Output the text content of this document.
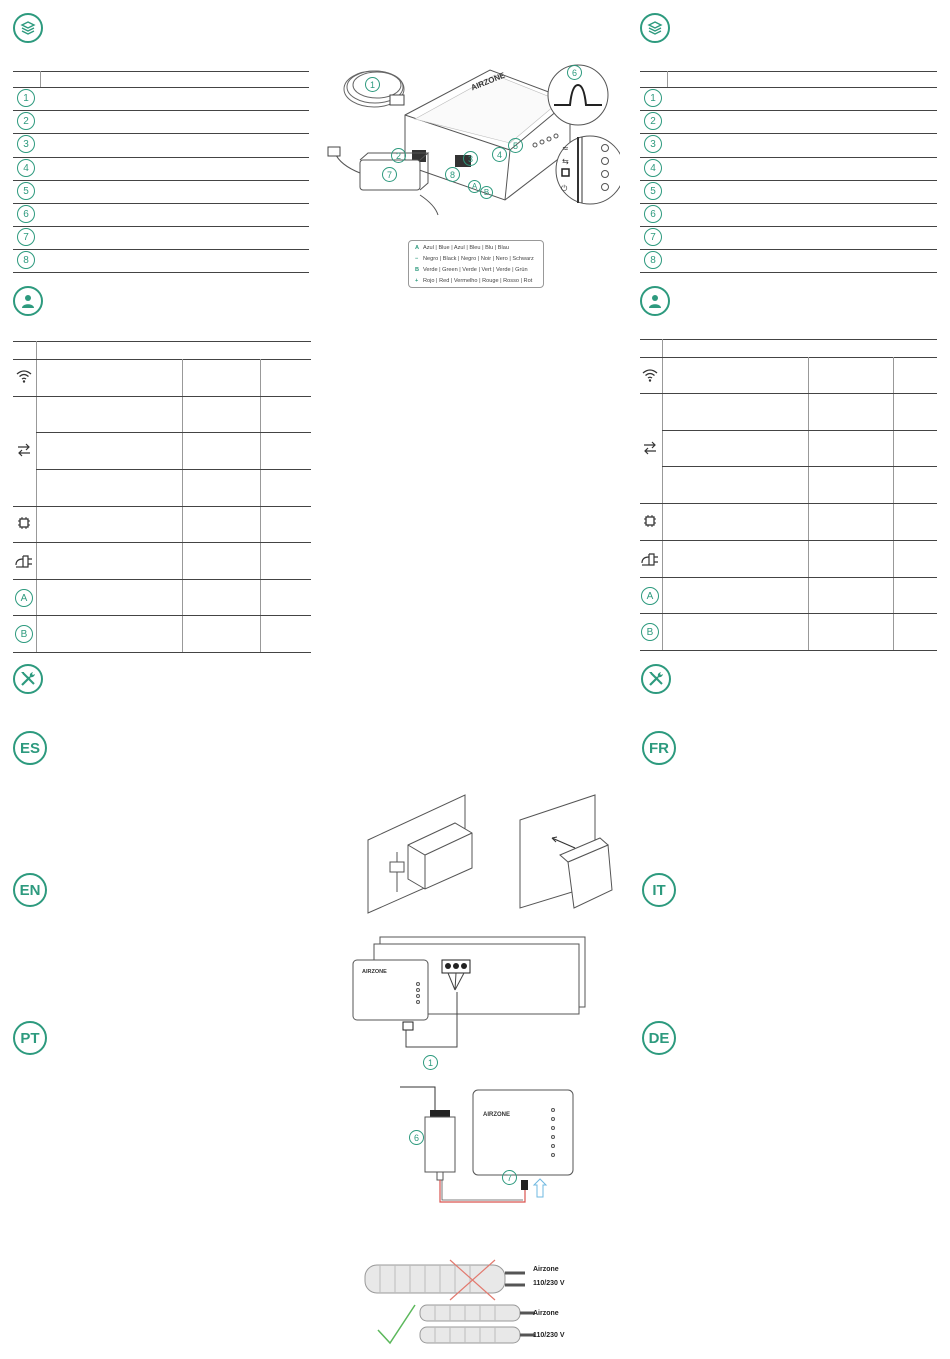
1
2
3
4
5
6
7
8
A
B
ES
EN
PT
1
2
3
4
5
6
7
8
A
B
FR
IT
DE
≈
⇆
⏻
AIRZONE
1
2	3	4
5
6
7	8
A
B
A Azul | Blue | Azul | Bleu | Blu | Blau
− Negro | Black | Negro | Noir | Nero | Schwarz
B Verde | Green | Verde | Vert | Verde | Grün
+ Rojo | Red | Vermelho | Rouge | Rosso | Rot
AIRZONE
1
AIRZONE
6
7
Airzone
110/230 V
Airzone
110/230 V
